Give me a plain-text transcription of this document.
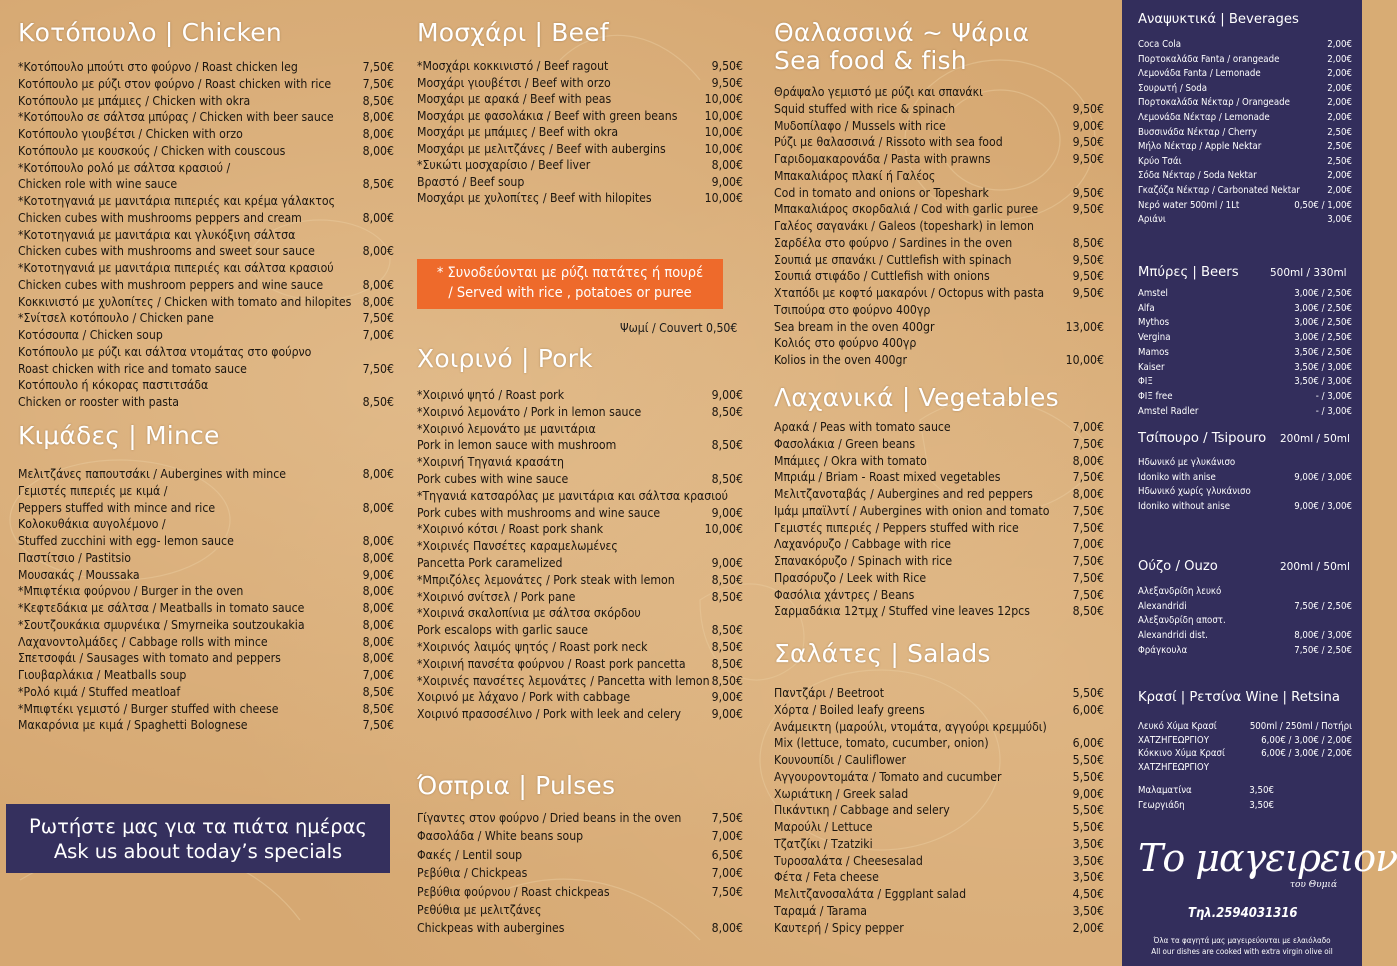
Κοτόπουλο | Chicken
*Κοτόπουλο μπούτι στο φούρνο / Roast chicken leg	7,50€
Κοτόπουλο με ρύζι στον φούρνο / Roast chicken with rice	7,50€
Κοτόπουλο με μπάμιες / Chicken with okra	8,50€
*Κοτόπουλο σε σάλτσα μπύρας / Chicken with beer sauce 8,00€
Κοτόπουλο γιουβέτσι / Chicken with orzo	8,00€
Κοτόπουλο με κουσκούς / Chicken with couscous	8,00€
*Κοτόπουλο ρολό με σάλτσα κρασιού /
Chicken role with wine sauce	8,50€
*Κοτοτηγανιά με μανιτάρια πιπεριές και κρέμα γάλακτος
Chicken cubes with mushrooms peppers and cream	8,00€
*Κοτοτηγανιά με μανιτάρια και γλυκόξινη σάλτσα
Chicken cubes with mushrooms and sweet sour sauce	8,00€
*Κοτοτηγανιά με μανιτάρια πιπεριές και σάλτσα κρασιού
Chicken cubes with mushroom peppers and wine sauce	8,00€
Κοκκινιστό με χυλοπίτες / Chicken with tomato and hilopites 8,00€
*Σνίτσελ κοτόπουλο / Chicken pane	7,50€
Κοτόσουπα / Chicken soup	7,00€
Κοτόπουλο με ρύζι και σάλτσα ντομάτας στο φούρνο
Roast chicken with rice and tomato sauce	7,50€
Κοτόπουλο ή κόκορας παστιτσάδα
Chicken or rooster with pasta	8,50€
Κιμάδες | Mince
Μελιτζάνες παπουτσάκι / Aubergines with mince	8,00€
Γεμιστές πιπεριές με κιμά /
Peppers stuffed with mince and rice	8,00€
Κολοκυθάκια αυγολέμονο /
Stuffed zucchini with egg- lemon sauce	8,00€
Παστίτσιο / Pastitsio	8,00€
Μουσακάς / Moussaka	9,00€
*Μπιφτέκια φούρνου / Burger in the oven	8,00€
*Κεφτεδάκια με σάλτσα / Meatballs in tomato sauce	8,00€
*Σουτζουκάκια σμυρνέικα / Smyrneika soutzoukakia	8,00€
Λαχανοντολμάδες / Cabbage rolls with mince	8,00€
Σπετσοφάι / Sausages with tomato and peppers	8,00€
Γιουβαρλάκια / Meatballs soup	7,00€
*Ρολό κιμά / Stuffed meatloaf	8,50€
*Μπιφτέκι γεμιστό / Burger stuffed with cheese	8,50€
Μακαρόνια με κιμά / Spaghetti Bolognese	7,50€
Ρωτήστε μας για τα πιάτα ημέρας
Ask us about today’s specials
Μοσχάρι | Beef
*Μοσχάρι κοκκινιστό / Beef ragout	9,50€
Μοσχάρι γιουβέτσι / Beef with orzo	9,50€
Μοσχάρι με αρακά / Beef with peas	10,00€
Μοσχάρι με φασολάκια / Beef with green beans 10,00€
Μοσχάρι με μπάμιες / Beef with okra	10,00€
Μοσχάρι με μελιτζάνες / Beef with aubergins	10,00€
*Συκώτι μοσχαρίσιο / Beef liver	8,00€
Βραστό / Beef soup	9,00€
Μοσχάρι με χυλοπίτες / Beef with hilopites	10,00€
* Συνοδεύονται με ρύζι πατάτες ή πουρέ
/ Served with rice , potatoes or puree
Ψωμί / Couvert 0,50€
Χοιρινό | Pork
*Χοιρινό ψητό / Roast pork	9,00€
*Χοιρινό λεμονάτο / Pork in lemon sauce	8,50€
*Χοιρινό λεμονάτο με μανιτάρια
Pork in lemon sauce with mushroom	8,50€
*Χοιρινή Τηγανιά κρασάτη
Pork cubes with wine sauce	8,50€
*Τηγανιά κατσαρόλας με μανιτάρια και σάλτσα κρασιού
Pork cubes with mushrooms and wine sauce	9,00€
*Χοιρινό κότσι / Roast pork shank	10,00€
*Χοιρινές Πανσέτες καραμελωμένες
Pancetta Pork caramelized	9,00€
*Μπριζόλες λεμονάτες / Pork steak with lemon	8,50€
*Χοιρινό σνίτσελ / Pork pane	8,50€
*Χοιρινά σκαλοπίνια με σάλτσα σκόρδου
Pork escalops with garlic sauce	8,50€
*Χοιρινός λαιμός ψητός / Roast pork neck	8,50€
*Χοιρινή πανσέτα φούρνου / Roast pork pancetta 8,50€
*Χοιρινές πανσέτες λεμονάτες / Pancetta with lemon 8,50€
Χοιρινό με λάχανο / Pork with cabbage	9,00€
Χοιρινό πρασοσέλινο / Pork with leek and celery	9,00€
Όσπρια | Pulses
Γίγαντες στον φούρνο / Dried beans in the oven 7,50€
Φασολάδα / White beans soup	7,00€
Φακές / Lentil soup	6,50€
Ρεβύθια / Chickpeas	7,00€
Ρεβύθια φούρνου / Roast chickpeas	7,50€
Ρεθύθια με μελιτζάνες
Chickpeas with aubergines	8,00€
Θαλασσινά ~ Ψάρια
Sea food & fish
Θράψαλο γεμιστό με ρύζι και σπανάκι
Squid stuffed with rice & spinach	9,50€
Μυδοπίλαφο / Mussels with rice	9,00€
Ρύζι με θαλασσινά / Rissoto with sea food	9,50€
Γαριδομακαρονάδα / Pasta with prawns	9,50€
Μπακαλιάρος πλακί ή Γαλέος
Cod in tomato and onions or Topeshark	9,50€
Μπακαλιάρος σκορδαλιά / Cod with garlic puree	9,50€
Γαλέος σαγανάκι / Galeos (topeshark) in lemon
Σαρδέλα στο φούρνο / Sardines in the oven	8,50€
Σουπιά με σπανάκι / Cuttlefish with spinach	9,50€
Σουπιά στιφάδο / Cuttlefish with onions	9,50€
Χταπόδι με κοφτό μακαρόνι / Octopus with pasta 9,50€
Τσιπούρα στο φούρνο 400γρ
Sea bream in the oven 400gr	13,00€
Κολιός στο φούρνο 400γρ
Kolios in the oven 400gr	10,00€
Λαχανικά | Vegetables
Αρακά / Peas with tomato sauce	7,00€
Φασολάκια / Green beans	7,50€
Μπάμιες / Okra with tomato	8,00€
Μπριάμ / Briam - Roast mixed vegetables	7,50€
Μελιτζανοταβάς / Aubergines and red peppers	8,00€
Ιμάμ μπαϊλντί / Aubergines with onion and tomato 7,50€
Γεμιστές πιπεριές / Peppers stuffed with rice	7,50€
Λαχανόρυζο / Cabbage with rice	7,00€
Σπανακόρυζο / Spinach with rice	7,50€
Πρασόρυζο / Leek with Rice	7,50€
Φασόλια χάντρες / Beans	7,50€
Σαρμαδάκια 12τμχ / Stuffed vine leaves 12pcs	8,50€
Σαλάτες | Salads
Παντζάρι / Beetroot	5,50€
Χόρτα / Boiled leafy greens	6,00€
Ανάμεικτη (μαρούλι, ντομάτα, αγγούρι κρεμμύδι)
Mix (lettuce, tomato, cucumber, onion)	6,00€
Κουνουπίδι / Cauliflower	5,50€
Αγγουροντομάτα / Tomato and cucumber	5,50€
Χωριάτικη / Greek salad	9,00€
Πικάντικη / Cabbage and selery	5,50€
Μαρούλι / Lettuce	5,50€
Τζατζίκι / Tzatziki	3,50€
Τυροσαλάτα / Cheesesalad	3,50€
Φέτα / Feta cheese	3,50€
Μελιτζανοσαλάτα / Eggplant salad	4,50€
Ταραμά / Tarama	3,50€
Καυτερή / Spicy pepper	2,00€
Αναψυκτικά | Beverages
Coca Cola	2,00€
Πορτοκαλάδα Fanta / orangeade	2,00€
Λεμονάδα Fanta / Lemonade	2,00€
Σουρωτή / Soda	2,00€
Πορτοκαλάδα Νέκταρ / Orangeade	2,00€
Λεμονάδα Νέκταρ / Lemonade	2,00€
Βυσσινάδα Νέκταρ / Cherry	2,50€
Μήλο Νέκταρ / Apple Nektar	2,50€
Κρύο Τσάι	2,50€
Σόδα Νέκταρ / Soda Nektar	2,00€
Γκαζόζα Νέκταρ / Carbonated Nektar	2,00€
Νερό water 500ml / 1Lt	0,50€ / 1,00€
Αριάνι	3,00€
Μπύρες | Beers	500ml / 330ml
Amstel	3,00€ / 2,50€
Alfa	3,00€ / 2,50€
Mythos	3,00€ / 2,50€
Vergina	3,00€ / 2,50€
Mamos	3,50€ / 2,50€
Kaiser	3,50€ / 3,00€
ΦΙΞ	3,50€ / 3,00€
ΦΙΞ free	- / 3,00€
Amstel Radler	- / 3,00€
Τσίπουρο / Tsipouro 200ml / 50ml
Ηδωνικό με γλυκάνισο
Idoniko with anise	9,00€ / 3,00€
Ηδωνικό χωρίς γλυκάνισο
Idoniko without anise	9,00€ / 3,00€
Ούζο / Ouzo	200ml / 50ml
Αλεξανδρίδη λευκό
Alexandridi	7,50€ / 2,50€
Αλεξανδρίδη αποστ.
Alexandridi dist.	8,00€ / 3,00€
Φράγκουλα	7,50€ / 2,50€
Κρασί | Ρετσίνα Wine | Retsina
Λευκό Χύμα Κρασί	500ml / 250ml / Ποτήρι
ΧΑΤΖΗΓΕΩΡΓΙΟΥ	6,00€ / 3,00€ / 2,00€
Κόκκινο Χύμα Κρασί	6,00€ / 3,00€ / 2,00€
ΧΑΤΖΗΓΕΩΡΓΙΟΥ
Μαλαματίνα	3,50€
Γεωργιάδη	3,50€
Το μαγειρειον
του Θυμιά
Τηλ.2594031316
Όλα τα φαγητά μας μαγειρεύονται με ελαιόλαδο
All our dishes are cooked with extra virgin olive oil
